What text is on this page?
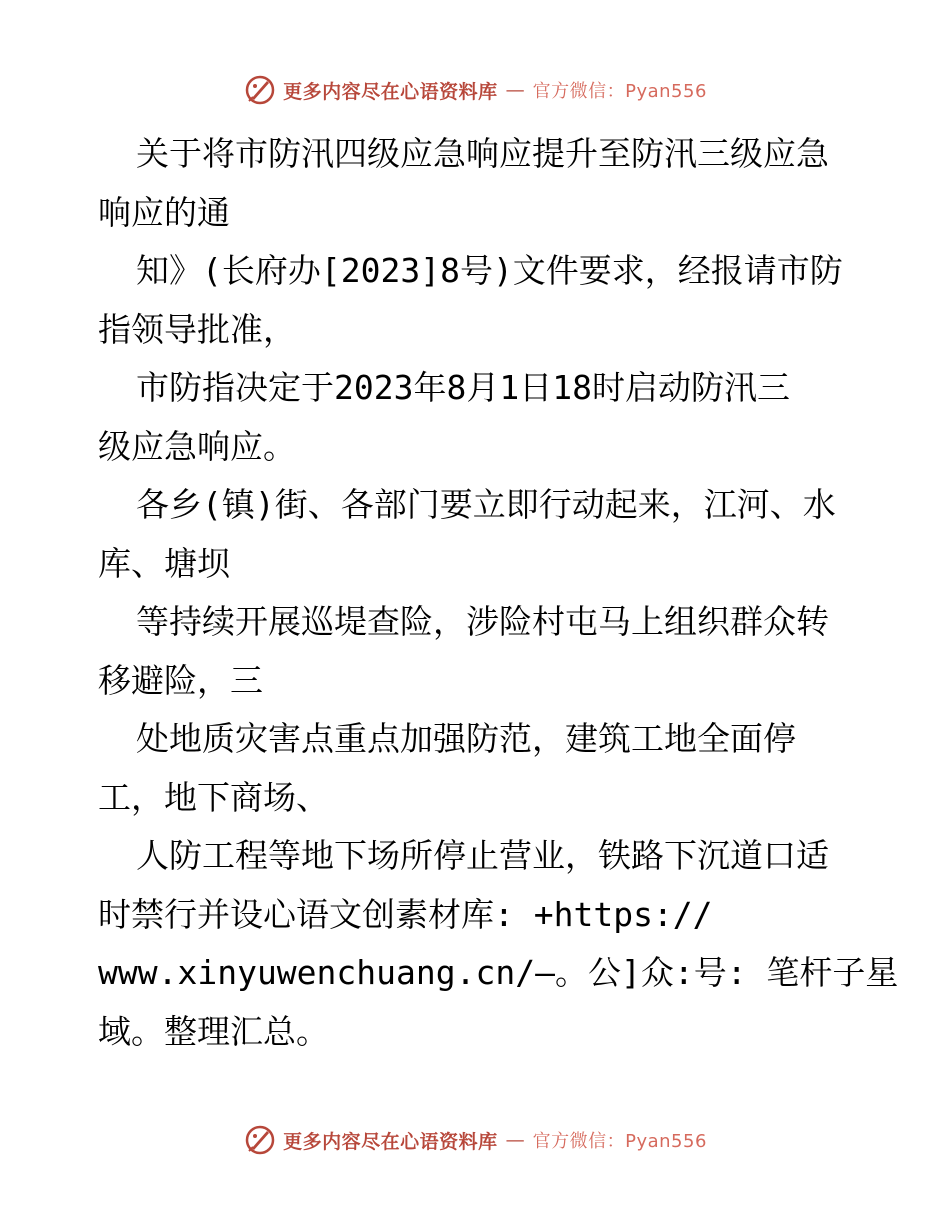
更多内容尽在心语资料库 — 官方微信：Pyan556
关于将市防汛四级应急响应提升至防汛三级应急
响应的通
知》(长府办[2023]8号)文件要求，经报请市防
指领导批准，
市防指决定于2023年8月1日18时启动防汛三
级应急响应。
各乡(镇)街、各部门要立即行动起来，江河、水
库、塘坝
等持续开展巡堤查险，涉险村屯马上组织群众转
移避险，三
处地质灾害点重点加强防范，建筑工地全面停
工，地下商场、
人防工程等地下场所停止营业，铁路下沉道口适
时禁行并设心语文创素材库: +https://
www.xinyuwenchuang.cn/—。公]众:号: 笔杆子星
域。整理汇总。
更多内容尽在心语资料库 — 官方微信：Pyan556
